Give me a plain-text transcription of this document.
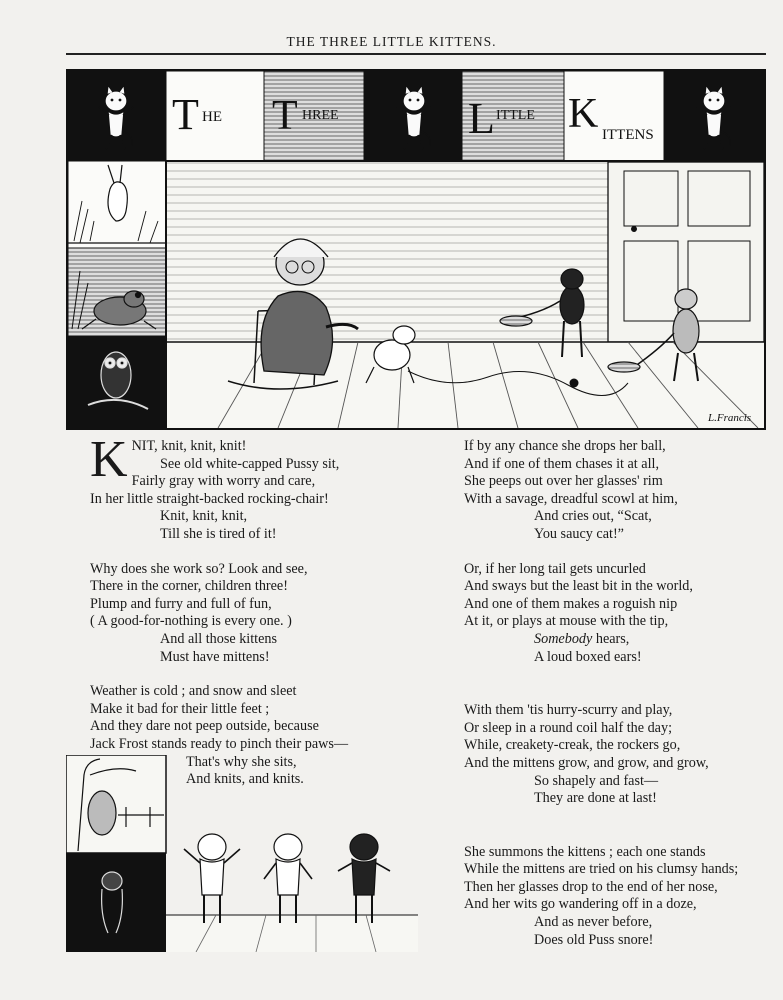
THE THREE LITTLE KITTENS.
T HE T HREE	L ITTLE K ITTENS
L.Francis
K NIT, knit, knit, knit!
See old white-capped Pussy sit,
Fairly gray with worry and care,
In her little straight-backed rocking-chair!
Knit, knit, knit,
Till she is tired of it!
Why does she work so? Look and see,
There in the corner, children three!
Plump and furry and full of fun,
( A good-for-nothing is every one. )
And all those kittens
Must have mittens!
Weather is cold ; and snow and sleet
Make it bad for their little feet ;
And they dare not peep outside, because
Jack Frost stands ready to pinch their paws—
That's why she sits,
And knits, and knits.
If by any chance she drops her ball,
And if one of them chases it at all,
She peeps out over her glasses' rim
With a savage, dreadful scowl at him,
And cries out, “Scat,
You saucy cat!”
Or, if her long tail gets uncurled
And sways but the least bit in the world,
And one of them makes a roguish nip
At it, or plays at mouse with the tip,
Somebody hears,
A loud boxed ears!
With them 'tis hurry-scurry and play,
Or sleep in a round coil half the day;
While, creakety-creak, the rockers go,
And the mittens grow, and grow, and grow,
So shapely and fast—
They are done at last!
She summons the kittens ; each one stands
While the mittens are tried on his clumsy hands;
Then her glasses drop to the end of her nose,
And her wits go wandering off in a doze,
And as never before,
Does old Puss snore!
